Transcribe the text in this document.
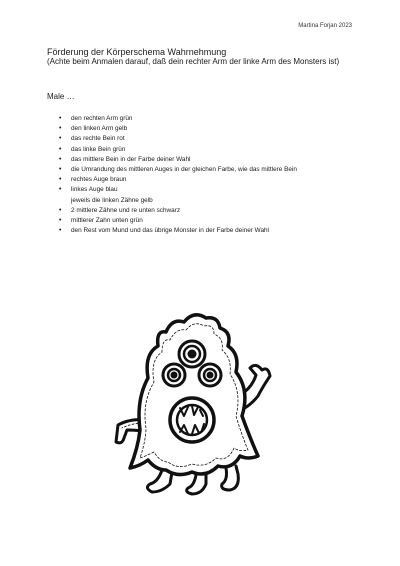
Martina Forjan 2023
Förderung der Körperschema Wahrnehmung
(Achte beim Anmalen darauf, daß dein rechter Arm der linke Arm des Monsters ist)
Male …
• den rechten Arm grün
• den linken Arm gelb
• das rechte Bein rot
• das linke Bein grün
• das mittlere Bein in der Farbe deiner Wahl
• die Umrandung des mittleren Auges in der gleichen Farbe, wie das mittlere Bein
• rechtes Auge braun
• linkes Auge blau
jeweils die linken Zähne gelb
• 2 mittlere Zähne und re unten schwarz
• mittlerer Zahn unten grün
• den Rest vom Mund und das übrige Monster in der Farbe deiner Wahl
